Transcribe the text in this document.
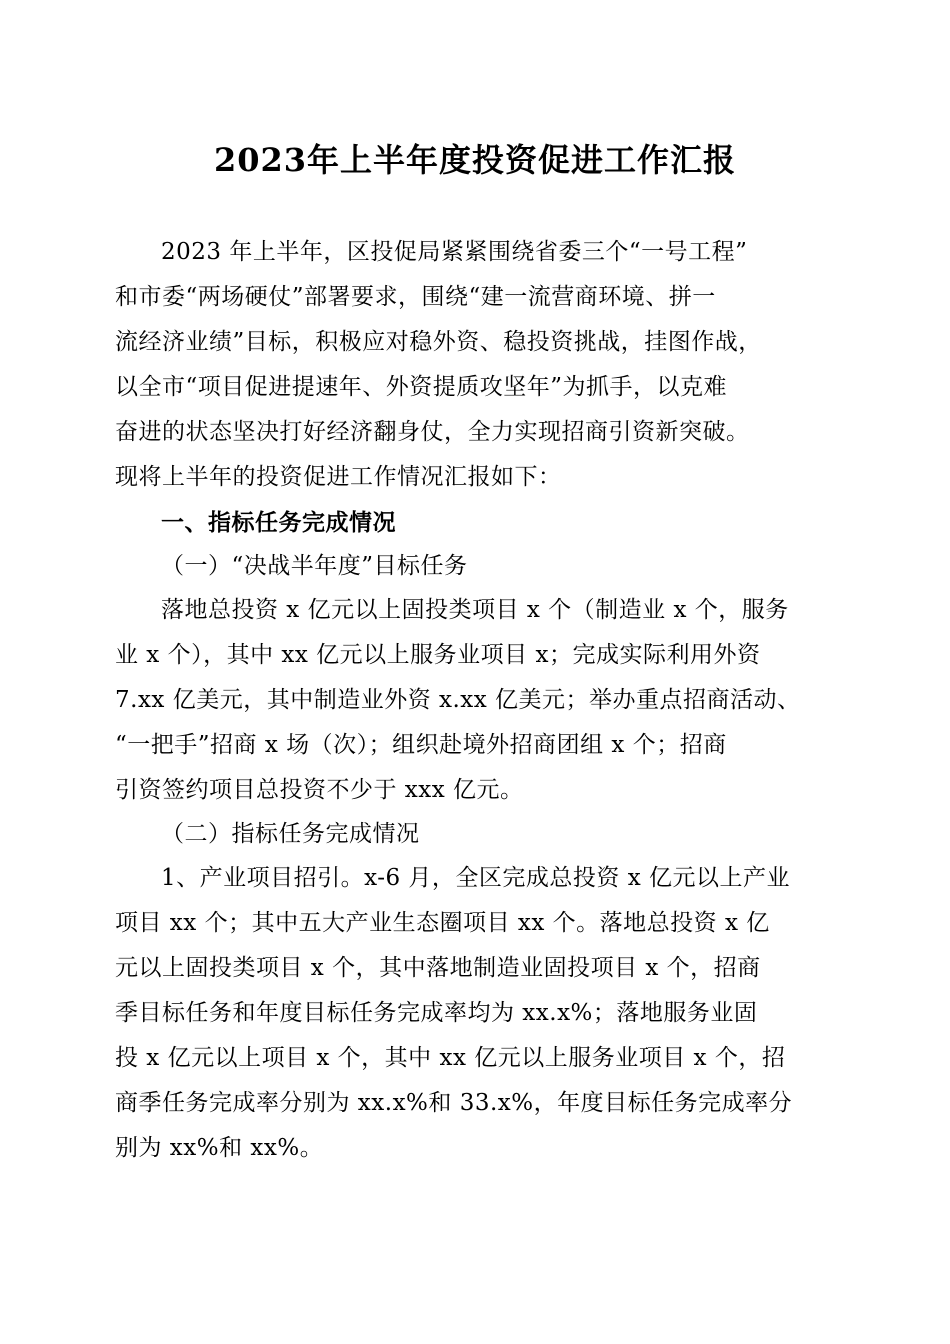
2023年上半年度投资促进工作汇报
2023 年上半年，区投促局紧紧围绕省委三个“一号工程”
和市委“两场硬仗”部署要求，围绕“建一流营商环境、拼一
流经济业绩”目标，积极应对稳外资、稳投资挑战，挂图作战，
以全市“项目促进提速年、外资提质攻坚年”为抓手，以克难
奋进的状态坚决打好经济翻身仗，全力实现招商引资新突破。
现将上半年的投资促进工作情况汇报如下：
一、指标任务完成情况
（一）“决战半年度”目标任务
落地总投资 x 亿元以上固投类项目 x 个（制造业 x 个，服务
业 x 个），其中 xx 亿元以上服务业项目 x；完成实际利用外资
7.xx 亿美元，其中制造业外资 x.xx 亿美元；举办重点招商活动、
“一把手”招商 x 场（次）；组织赴境外招商团组 x 个；招商
引资签约项目总投资不少于 xxx 亿元。
（二）指标任务完成情况
1、产业项目招引。x-6 月，全区完成总投资 x 亿元以上产业
项目 xx 个；其中五大产业生态圈项目 xx 个。落地总投资 x 亿
元以上固投类项目 x 个，其中落地制造业固投项目 x 个，招商
季目标任务和年度目标任务完成率均为 xx.x%；落地服务业固
投 x 亿元以上项目 x 个，其中 xx 亿元以上服务业项目 x 个，招
商季任务完成率分别为 xx.x%和 33.x%，年度目标任务完成率分
别为 xx%和 xx%。
